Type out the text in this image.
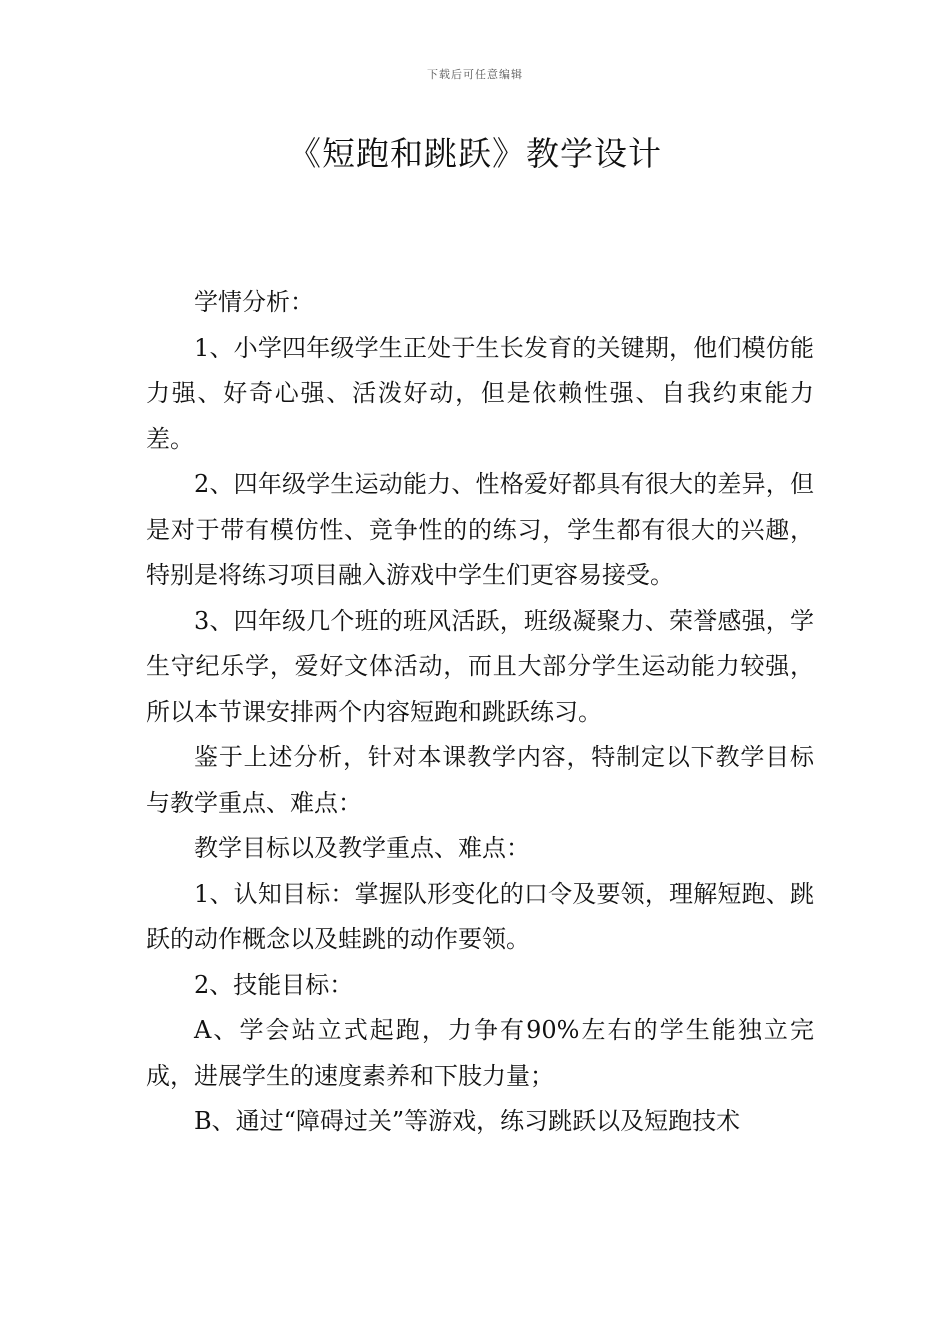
下载后可任意编辑
《短跑和跳跃》教学设计

学情分析：

1、小学四年级学生正处于生长发育的关键期，他们模仿能力强、好奇心强、活泼好动，但是依赖性强、自我约束能力差。

2、四年级学生运动能力、性格爱好都具有很大的差异，但是对于带有模仿性、竞争性的的练习，学生都有很大的兴趣，特别是将练习项目融入游戏中学生们更容易接受。

3、四年级几个班的班风活跃，班级凝聚力、荣誉感强，学生守纪乐学，爱好文体活动，而且大部分学生运动能力较强，所以本节课安排两个内容短跑和跳跃练习。

鉴于上述分析，针对本课教学内容，特制定以下教学目标与教学重点、难点：

教学目标以及教学重点、难点：

1、认知目标：掌握队形变化的口令及要领，理解短跑、跳跃的动作概念以及蛙跳的动作要领。

2、技能目标：

A、学会站立式起跑，力争有90%左右的学生能独立完成，进展学生的速度素养和下肢力量；

B、通过“障碍过关”等游戏，练习跳跃以及短跑技术
